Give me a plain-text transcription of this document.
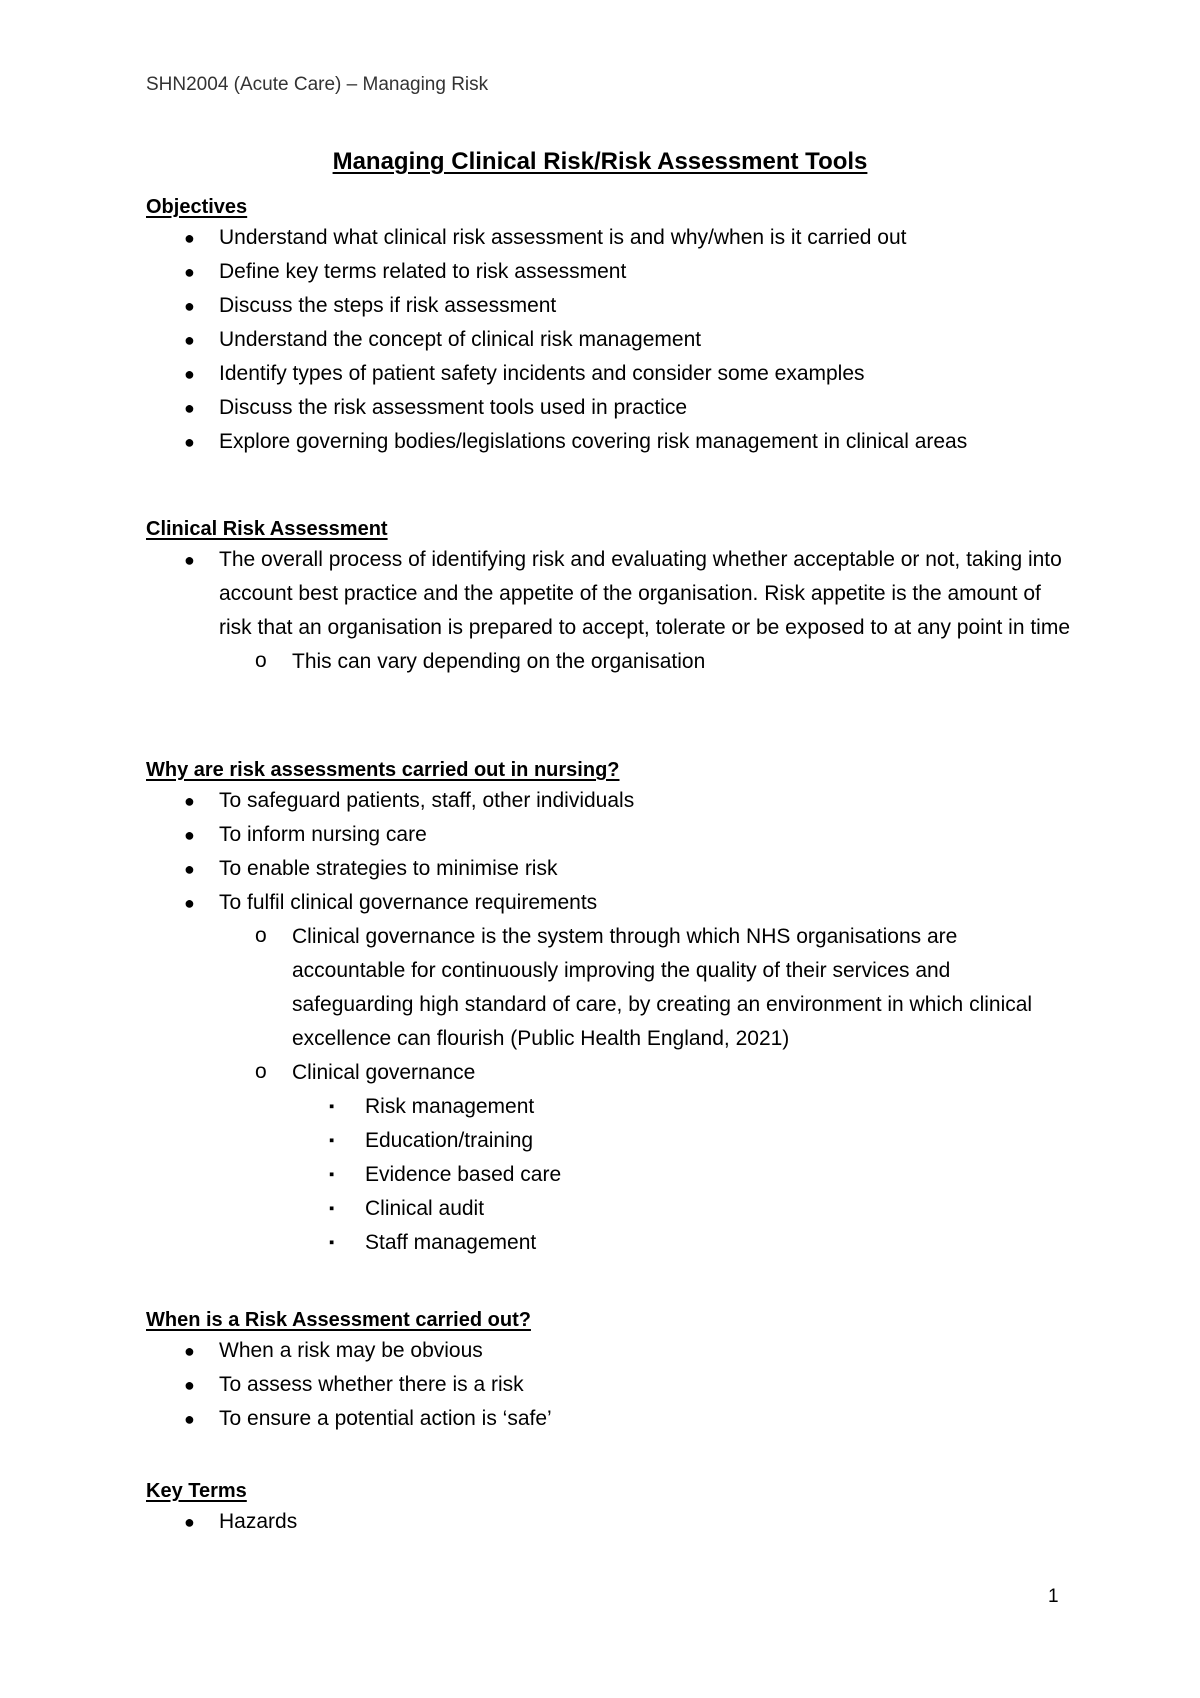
SHN2004 (Acute Care) – Managing Risk
Managing Clinical Risk/Risk Assessment Tools
Objectives
● Understand what clinical risk assessment is and why/when is it carried out
● Define key terms related to risk assessment
● Discuss the steps if risk assessment
● Understand the concept of clinical risk management
● Identify types of patient safety incidents and consider some examples
● Discuss the risk assessment tools used in practice
● Explore governing bodies/legislations covering risk management in clinical areas
Clinical Risk Assessment
● The overall process of identifying risk and evaluating whether acceptable or not, taking into account best practice and the appetite of the organisation. Risk appetite is the amount of risk that an organisation is prepared to accept, tolerate or be exposed to at any point in time
o This can vary depending on the organisation
Why are risk assessments carried out in nursing?
● To safeguard patients, staff, other individuals
● To inform nursing care
● To enable strategies to minimise risk
● To fulfil clinical governance requirements
o Clinical governance is the system through which NHS organisations are accountable for continuously improving the quality of their services and safeguarding high standard of care, by creating an environment in which clinical excellence can flourish (Public Health England, 2021)
o Clinical governance
▪ Risk management
▪ Education/training
▪ Evidence based care
▪ Clinical audit
▪ Staff management
When is a Risk Assessment carried out?
● When a risk may be obvious
● To assess whether there is a risk
● To ensure a potential action is ‘safe’
Key Terms
● Hazards
1
